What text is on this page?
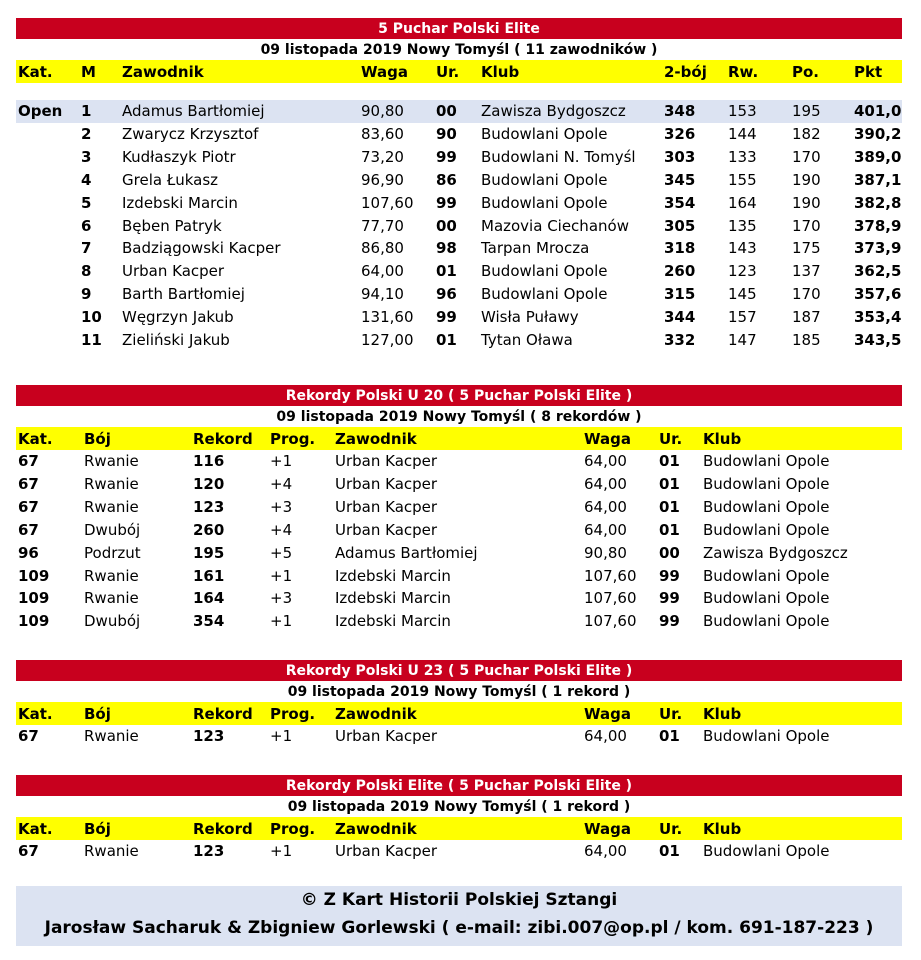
5 Puchar Polski Elite
09 listopada 2019 Nowy Tomyśl ( 11 zawodników )
Kat. M Zawodnik	Waga Ur. Klub	2-bój Rw. Po. Pkt
Open 1 Adamus Bartłomiej	90,80 00 Zawisza Bydgoszcz	348 153 195 401,0
2 Zwarycz Krzysztof	83,60 90 Budowlani Opole	326 144 182 390,2
3 Kudłaszyk Piotr	73,20 99 Budowlani N. Tomyśl 303 133 170 389,0
4 Grela Łukasz	96,90 86 Budowlani Opole	345 155 190 387,1
5 Izdebski Marcin	107,60 99 Budowlani Opole	354 164 190 382,8
6 Bęben Patryk	77,70 00 Mazovia Ciechanów 305 135 170 378,9
7 Badziągowski Kacper	86,80 98 Tarpan Mrocza	318 143 175 373,9
8 Urban Kacper	64,00 01 Budowlani Opole	260 123 137 362,5
9 Barth Bartłomiej	94,10 96 Budowlani Opole	315 145 170 357,6
10 Węgrzyn Jakub	131,60 99 Wisła Puławy	344 157 187 353,4
11 Zieliński Jakub	127,00 01 Tytan Oława	332 147 185 343,5
Rekordy Polski U 20 ( 5 Puchar Polski Elite )
09 listopada 2019 Nowy Tomyśl ( 8 rekordów )
Kat. Bój	Rekord Prog. Zawodnik	Waga Ur. Klub
67	Rwanie	116	+1	Urban Kacper	64,00 01 Budowlani Opole
67	Rwanie	120	+4	Urban Kacper	64,00 01 Budowlani Opole
67	Rwanie	123	+3	Urban Kacper	64,00 01 Budowlani Opole
67	Dwubój	260	+4	Urban Kacper	64,00 01 Budowlani Opole
96	Podrzut	195	+5	Adamus Bartłomiej	90,80 00 Zawisza Bydgoszcz
109 Rwanie	161	+1	Izdebski Marcin	107,60 99 Budowlani Opole
109 Rwanie	164	+3	Izdebski Marcin	107,60 99 Budowlani Opole
109 Dwubój	354	+1	Izdebski Marcin	107,60 99 Budowlani Opole
Rekordy Polski U 23 ( 5 Puchar Polski Elite )
09 listopada 2019 Nowy Tomyśl ( 1 rekord )
Kat. Bój	Rekord Prog. Zawodnik	Waga Ur. Klub
67	Rwanie	123	+1	Urban Kacper	64,00 01 Budowlani Opole
Rekordy Polski Elite ( 5 Puchar Polski Elite )
09 listopada 2019 Nowy Tomyśl ( 1 rekord )
Kat. Bój	Rekord Prog. Zawodnik	Waga Ur. Klub
67	Rwanie	123	+1	Urban Kacper	64,00 01 Budowlani Opole
© Z Kart Historii Polskiej Sztangi
Jarosław Sacharuk & Zbigniew Gorlewski ( e-mail: zibi.007@op.pl / kom. 691-187-223 )
